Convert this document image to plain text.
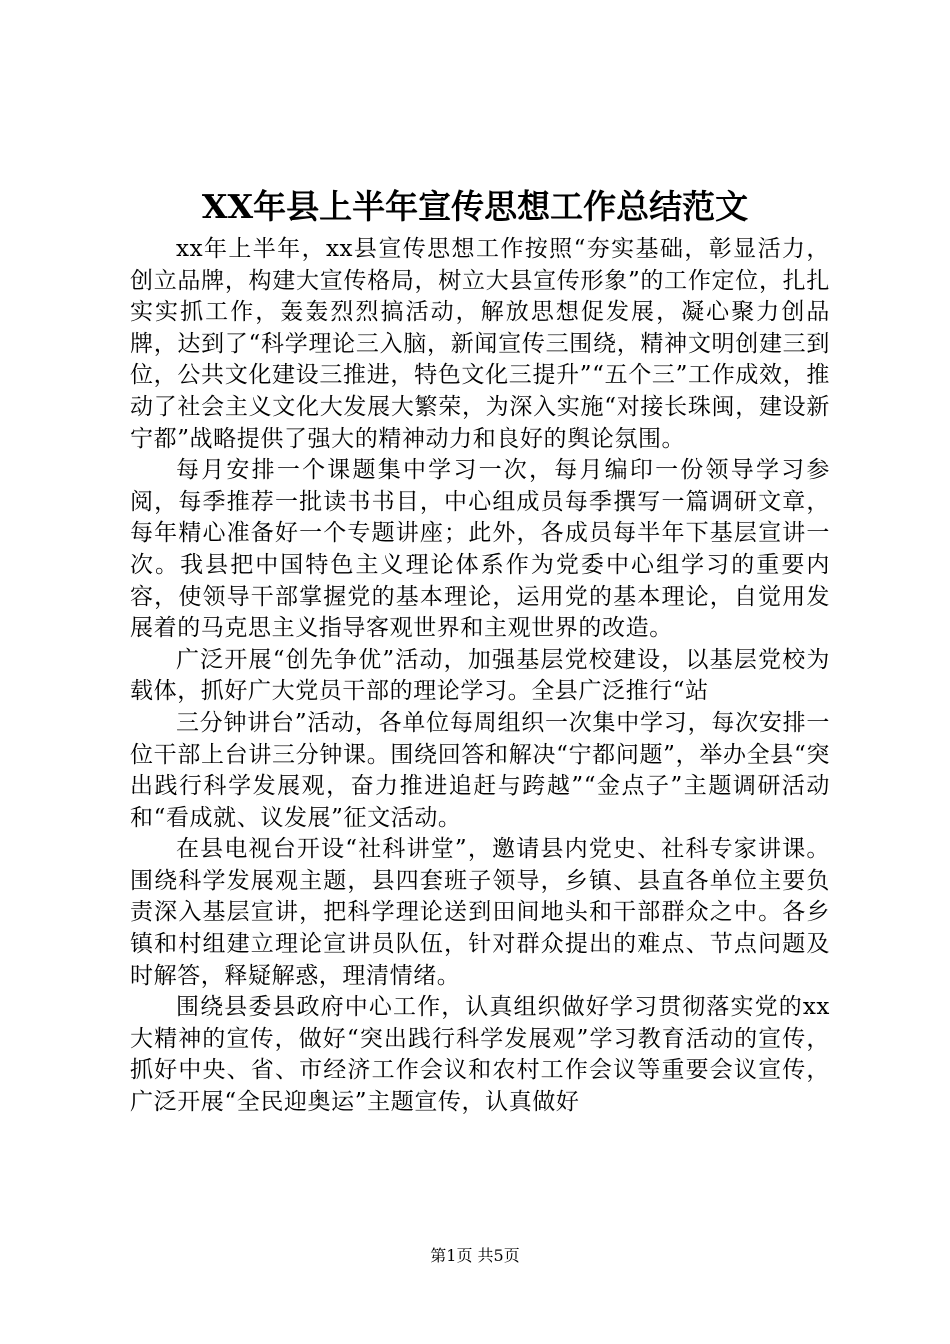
XX年县上半年宣传思想工作总结范文

xx年上半年，xx县宣传思想工作按照“夯实基础，彰显活力，创立品牌，构建大宣传格局，树立大县宣传形象”的工作定位，扎扎实实抓工作，轰轰烈烈搞活动，解放思想促发展，凝心聚力创品牌，达到了“科学理论三入脑，新闻宣传三围绕，精神文明创建三到位，公共文化建设三推进，特色文化三提升”“五个三”工作成效，推动了社会主义文化大发展大繁荣，为深入实施“对接长珠闽，建设新宁都”战略提供了强大的精神动力和良好的舆论氛围。

每月安排一个课题集中学习一次，每月编印一份领导学习参阅，每季推荐一批读书书目，中心组成员每季撰写一篇调研文章，每年精心准备好一个专题讲座；此外，各成员每半年下基层宣讲一次。我县把中国特色主义理论体系作为党委中心组学习的重要内容，使领导干部掌握党的基本理论，运用党的基本理论，自觉用发展着的马克思主义指导客观世界和主观世界的改造。

广泛开展“创先争优”活动，加强基层党校建设，以基层党校为载体，抓好广大党员干部的理论学习。全县广泛推行“站

三分钟讲台”活动，各单位每周组织一次集中学习，每次安排一位干部上台讲三分钟课。围绕回答和解决“宁都问题”，举办全县“突出践行科学发展观，奋力推进追赶与跨越”“金点子”主题调研活动和“看成就、议发展”征文活动。

在县电视台开设“社科讲堂”，邀请县内党史、社科专家讲课。围绕科学发展观主题，县四套班子领导，乡镇、县直各单位主要负责深入基层宣讲，把科学理论送到田间地头和干部群众之中。各乡镇和村组建立理论宣讲员队伍，针对群众提出的难点、节点问题及时解答，释疑解惑，理清情绪。

围绕县委县政府中心工作，认真组织做好学习贯彻落实党的xx大精神的宣传，做好“突出践行科学发展观”学习教育活动的宣传，抓好中央、省、市经济工作会议和农村工作会议等重要会议宣传，广泛开展“全民迎奥运”主题宣传，认真做好

第1页 共5页
